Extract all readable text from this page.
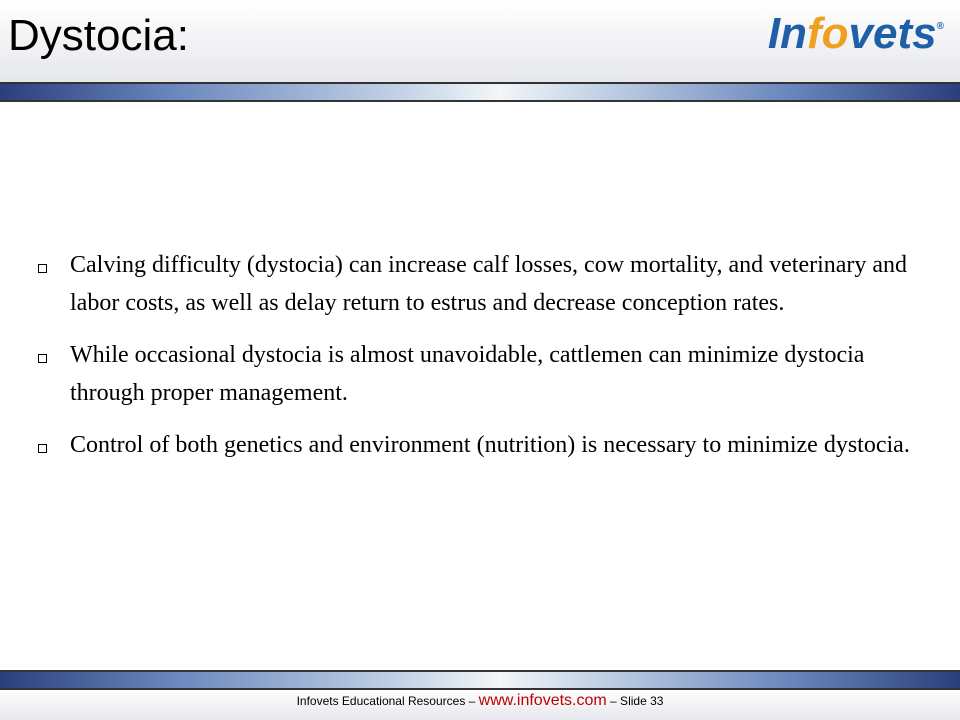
Dystocia:	Infovets®
Calving difficulty (dystocia) can increase calf losses, cow mortality, and veterinary and labor costs, as well as delay return to estrus and decrease conception rates.
While occasional dystocia is almost unavoidable, cattlemen can minimize dystocia through proper management.
Control of both genetics and environment (nutrition) is necessary to minimize dystocia.
Infovets Educational Resources – www.infovets.com – Slide 33
